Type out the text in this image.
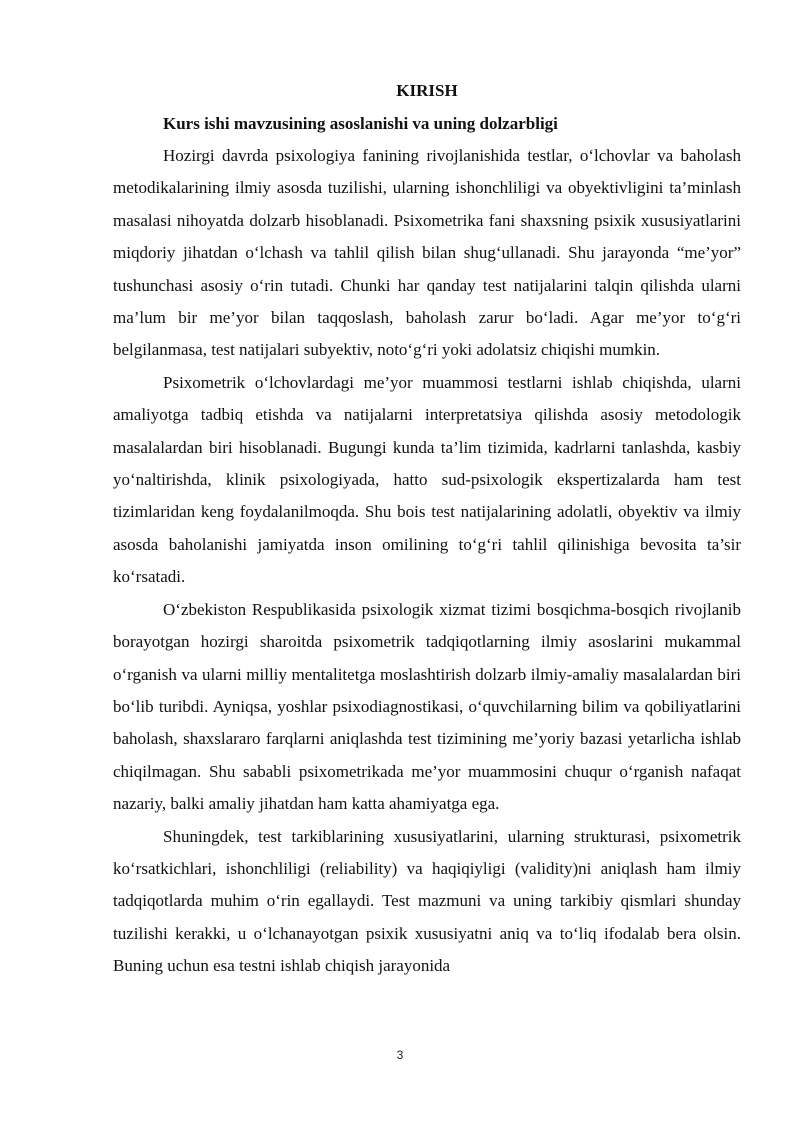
KIRISH

Kurs ishi mavzusining asoslanishi va uning dolzarbligi

Hozirgi davrda psixologiya fanining rivojlanishida testlar, o‘lchovlar va baholash metodikalarining ilmiy asosda tuzilishi, ularning ishonchliligi va obyektivligini ta’minlash masalasi nihoyatda dolzarb hisoblanadi. Psixometrika fani shaxsning psixik xususiyatlarini miqdoriy jihatdan o‘lchash va tahlil qilish bilan shug‘ullanadi. Shu jarayonda “me’yor” tushunchasi asosiy o‘rin tutadi. Chunki har qanday test natijalarini talqin qilishda ularni ma’lum bir me’yor bilan taqqoslash, baholash zarur bo‘ladi. Agar me’yor to‘g‘ri belgilanmasa, test natijalari subyektiv, noto‘g‘ri yoki adolatsiz chiqishi mumkin.

Psixometrik o‘lchovlardagi me’yor muammosi testlarni ishlab chiqishda, ularni amaliyotga tadbiq etishda va natijalarni interpretatsiya qilishda asosiy metodologik masalalardan biri hisoblanadi. Bugungi kunda ta’lim tizimida, kadrlarni tanlashda, kasbiy yo‘naltirishda, klinik psixologiyada, hatto sud-psixologik ekspertizalarda ham test tizimlaridan keng foydalanilmoqda. Shu bois test natijalarining adolatli, obyektiv va ilmiy asosda baholanishi jamiyatda inson omilining to‘g‘ri tahlil qilinishiga bevosita ta’sir ko‘rsatadi.

O‘zbekiston Respublikasida psixologik xizmat tizimi bosqichma-bosqich rivojlanib borayotgan hozirgi sharoitda psixometrik tadqiqotlarning ilmiy asoslarini mukammal o‘rganish va ularni milliy mentalitetga moslashtirish dolzarb ilmiy-amaliy masalalardan biri bo‘lib turibdi. Ayniqsa, yoshlar psixodiagnostikasi, o‘quvchilarning bilim va qobiliyatlarini baholash, shaxslararo farqlarni aniqlashda test tizimining me’yoriy bazasi yetarlicha ishlab chiqilmagan. Shu sababli psixometrikada me’yor muammosini chuqur o‘rganish nafaqat nazariy, balki amaliy jihatdan ham katta ahamiyatga ega.

Shuningdek, test tarkiblarining xususiyatlarini, ularning strukturasi, psixometrik ko‘rsatkichlari, ishonchliligi (reliability) va haqiqiyligi (validity)ni aniqlash ham ilmiy tadqiqotlarda muhim o‘rin egallaydi. Test mazmuni va uning tarkibiy qismlari shunday tuzilishi kerakki, u o‘lchanayotgan psixik xususiyatni aniq va to‘liq ifodalab bera olsin. Buning uchun esa testni ishlab chiqish jarayonida

3
